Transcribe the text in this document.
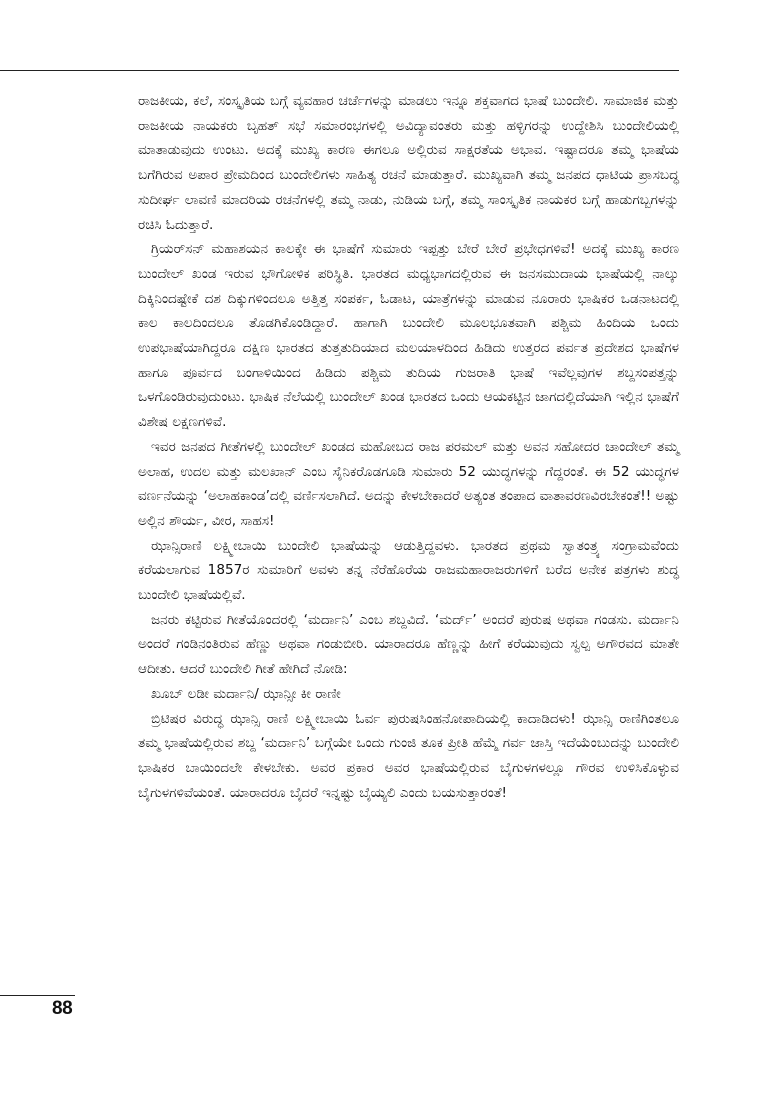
ರಾಜಕೀಯ, ಕಲೆ, ಸಂಸ್ಕೃತಿಯ ಬಗ್ಗೆ ವ್ಯವಹಾರ ಚರ್ಚೆಗಳನ್ನು ಮಾಡಲು ಇನ್ನೂ ಶಕ್ತವಾಗದ ಭಾಷೆ ಬುಂದೇಲಿ. ಸಾಮಾಜಿಕ ಮತ್ತು ರಾಜಕೀಯ ನಾಯಕರು ಬೃಹತ್ ಸಭೆ ಸಮಾರಂಭಗಳಲ್ಲಿ ಅವಿದ್ಯಾವಂತರು ಮತ್ತು ಹಳ್ಳಿಗರನ್ನು ಉದ್ದೇಶಿಸಿ ಬುಂದೇಲಿಯಲ್ಲಿ ಮಾತಾಡುವುದು ಉಂಟು. ಅದಕ್ಕೆ ಮುಖ್ಯ ಕಾರಣ ಈಗಲೂ ಅಲ್ಲಿರುವ ಸಾಕ್ಷರತೆಯ ಅಭಾವ. ಇಷ್ಟಾದರೂ ತಮ್ಮ ಭಾಷೆಯ ಬಗೆಗಿರುವ ಅಪಾರ ಪ್ರೇಮದಿಂದ ಬುಂದೇಲಿಗಳು ಸಾಹಿತ್ಯ ರಚನೆ ಮಾಡುತ್ತಾರೆ. ಮುಖ್ಯವಾಗಿ ತಮ್ಮ ಜನಪದ ಧಾಟಿಯ ಪ್ರಾಸಬದ್ಧ ಸುದೀರ್ಘ ಲಾವಣಿ ಮಾದರಿಯ ರಚನೆಗಳಲ್ಲಿ ತಮ್ಮ ನಾಡು, ನುಡಿಯ ಬಗ್ಗೆ, ತಮ್ಮ ಸಾಂಸ್ಕೃತಿಕ ನಾಯಕರ ಬಗ್ಗೆ ಹಾಡುಗಬ್ಬಗಳನ್ನು ರಚಿಸಿ ಓದುತ್ತಾರೆ.

ಗ್ರಿಯರ್‌ಸನ್ ಮಹಾಶಯನ ಕಾಲಕ್ಕೇ ಈ ಭಾಷೆಗೆ ಸುಮಾರು ಇಪ್ಪತ್ತು ಬೇರೆ ಬೇರೆ ಪ್ರಭೇಧಗಳಿವೆ! ಅದಕ್ಕೆ ಮುಖ್ಯ ಕಾರಣ ಬುಂದೇಲ್ ಖಂಡ ಇರುವ ಭೌಗೋಳಿಕ ಪರಿಸ್ಥಿತಿ. ಭಾರತದ ಮಧ್ಯಭಾಗದಲ್ಲಿರುವ ಈ ಜನಸಮುದಾಯ ಭಾಷೆಯಲ್ಲಿ ನಾಲ್ಕು ದಿಕ್ಕಿನಿಂದಷ್ಟೇಕೆ ದಶ ದಿಕ್ಕುಗಳಿಂದಲೂ ಅತ್ತಿತ್ತ ಸಂಪರ್ಕ, ಓಡಾಟ, ಯಾತ್ರೆಗಳನ್ನು ಮಾಡುವ ನೂರಾರು ಭಾಷಿಕರ ಒಡನಾಟದಲ್ಲಿ ಕಾಲ ಕಾಲದಿಂದಲೂ ತೊಡಗಿಕೊಂಡಿದ್ದಾರೆ. ಹಾಗಾಗಿ ಬುಂದೇಲಿ ಮೂಲಭೂತವಾಗಿ ಪಶ್ಚಿಮ ಹಿಂದಿಯ ಒಂದು ಉಪಭಾಷೆಯಾಗಿದ್ದರೂ ದಕ್ಷಿಣ ಭಾರತದ ತುತ್ತತುದಿಯಾದ ಮಲಯಾಳದಿಂದ ಹಿಡಿದು ಉತ್ತರದ ಪರ್ವತ ಪ್ರದೇಶದ ಭಾಷೆಗಳ ಹಾಗೂ ಪೂರ್ವದ ಬಂಗಾಳಿಯಿಂದ ಹಿಡಿದು ಪಶ್ಚಿಮ ತುದಿಯ ಗುಜರಾತಿ ಭಾಷೆ ಇವೆಲ್ಲವುಗಳ ಶಬ್ದಸಂಪತ್ತನ್ನು ಒಳಗೊಂಡಿರುವುದುಂಟು. ಭಾಷಿಕ ನೆಲೆಯಲ್ಲಿ ಬುಂದೇಲ್ ಖಂಡ ಭಾರತದ ಒಂದು ಆಯಕಟ್ಟಿನ ಜಾಗದಲ್ಲಿದೆಯಾಗಿ ಇಲ್ಲಿನ ಭಾಷೆಗೆ ವಿಶೇಷ ಲಕ್ಷಣಗಳಿವೆ.

ಇವರ ಜನಪದ ಗೀತೆಗಳಲ್ಲಿ ಬುಂದೇಲ್ ಖಂಡದ ಮಹೋಬದ ರಾಜ ಪರಮಲ್ ಮತ್ತು ಅವನ ಸಹೋದರ ಚಾಂದೇಲ್ ತಮ್ಮ ಅಲಾಹ, ಉದಲ ಮತ್ತು ಮಲಖಾನ್ ಎಂಬ ಸೈನಿಕರೊಡಗೂಡಿ ಸುಮಾರು 52 ಯುದ್ಧಗಳನ್ನು ಗೆದ್ದರಂತೆ. ಈ 52 ಯುದ್ಧಗಳ ವರ್ಣನೆಯನ್ನು ‘ಅಲಾಹಕಾಂಡ’ದಲ್ಲಿ ವರ್ಣಿಸಲಾಗಿದೆ. ಅದನ್ನು ಕೇಳಬೇಕಾದರೆ ಅತ್ಯಂತ ತಂಪಾದ ವಾತಾವರಣವಿರಬೇಕಂತೆ!! ಅಷ್ಟು ಅಲ್ಲಿನ ಶೌರ್ಯ, ವೀರ, ಸಾಹಸ!

ಝಾನ್ಸಿರಾಣಿ ಲಕ್ಷ್ಮೀಬಾಯಿ ಬುಂದೇಲಿ ಭಾಷೆಯನ್ನು ಆಡುತ್ತಿದ್ದವಳು. ಭಾರತದ ಪ್ರಥಮ ಸ್ವಾತಂತ್ರ್ಯ ಸಂಗ್ರಾಮವೆಂದು ಕರೆಯಲಾಗುವ 1857ರ ಸುಮಾರಿಗೆ ಅವಳು ತನ್ನ ನೆರೆಹೊರೆಯ ರಾಜಮಹಾರಾಜರುಗಳಿಗೆ ಬರೆದ ಅನೇಕ ಪತ್ರಗಳು ಶುದ್ಧ ಬುಂದೇಲಿ ಭಾಷೆಯಲ್ಲಿವೆ.

ಜನರು ಕಟ್ಟಿರುವ ಗೀತೆಯೊಂದರಲ್ಲಿ ‘ಮರ್ದಾನಿ’ ಎಂಬ ಶಬ್ದವಿದೆ. ‘ಮರ್ದ್’ ಅಂದರೆ ಪುರುಷ ಅಥವಾ ಗಂಡಸು. ಮರ್ದಾನಿ ಅಂದರೆ ಗಂಡಿನಂತಿರುವ ಹೆಣ್ಣು ಅಥವಾ ಗಂಡುಬೀರಿ. ಯಾರಾದರೂ ಹೆಣ್ಣನ್ನು ಹೀಗೆ ಕರೆಯುವುದು ಸ್ವಲ್ಪ ಅಗೌರವದ ಮಾತೇ ಆದೀತು. ಆದರೆ ಬುಂದೇಲಿ ಗೀತೆ ಹೇಗಿದೆ ನೋಡಿ:

ಖೂಬ್ ಲಡೀ ಮರ್ದಾನಿ/ ಝಾನ್ಸೀ ಕೀ ರಾಣೀ

ಬ್ರಿಟಿಷರ ವಿರುದ್ಧ ಝಾನ್ಸಿ ರಾಣಿ ಲಕ್ಷ್ಮೀಬಾಯಿ ಓರ್ವ ಪುರುಷಸಿಂಹನೋಪಾದಿಯಲ್ಲಿ ಕಾದಾಡಿದಳು! ಝಾನ್ಸಿ ರಾಣಿಗಿಂತಲೂ ತಮ್ಮ ಭಾಷೆಯಲ್ಲಿರುವ ಶಬ್ದ ‘ಮರ್ದಾನಿ’ ಬಗ್ಗೆಯೇ ಒಂದು ಗುಂಜಿ ತೂಕ ಪ್ರೀತಿ ಹೆಮ್ಮೆ ಗರ್ವ ಜಾಸ್ತಿ ಇದೆಯೆಂಬುದನ್ನು ಬುಂದೇಲಿ ಭಾಷಿಕರ ಬಾಯಿಂದಲೇ ಕೇಳಬೇಕು. ಅವರ ಪ್ರಕಾರ ಅವರ ಭಾಷೆಯಲ್ಲಿರುವ ಬೈಗುಳಗಳಲ್ಲೂ ಗೌರವ ಉಳಿಸಿಕೊಳ್ಳುವ ಬೈಗುಳಗಳಿವೆಯಂತೆ. ಯಾರಾದರೂ ಬೈದರೆ ಇನ್ನಷ್ಟು ಬೈಯ್ಯಲಿ ಎಂದು ಬಯಸುತ್ತಾರಂತೆ!

88
